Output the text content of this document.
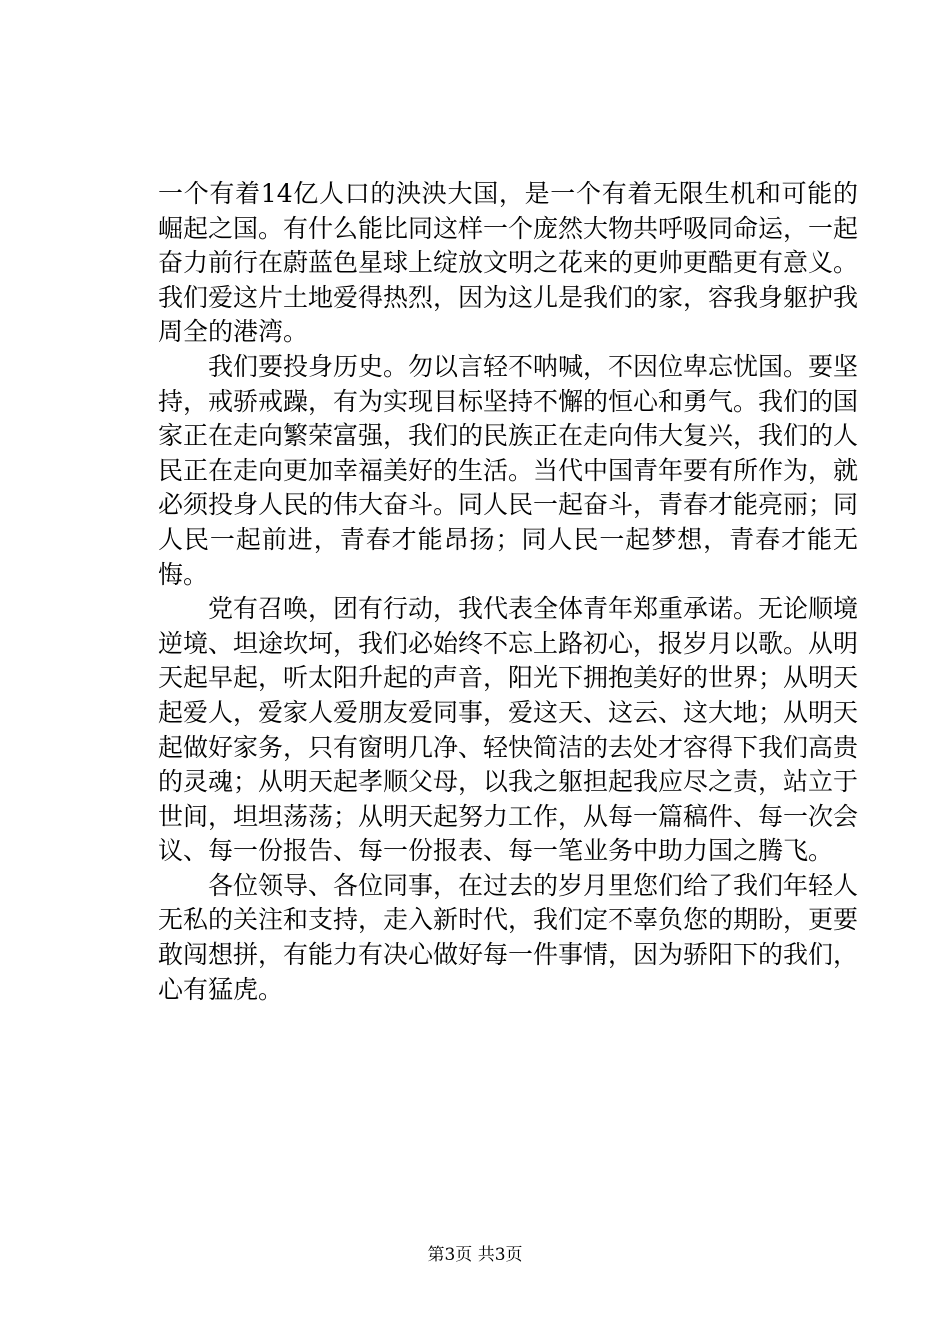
一个有着14亿人口的泱泱大国，是一个有着无限生机和可能的崛起之国。有什么能比同这样一个庞然大物共呼吸同命运，一起奋力前行在蔚蓝色星球上绽放文明之花来的更帅更酷更有意义。我们爱这片土地爱得热烈，因为这儿是我们的家，容我身躯护我周全的港湾。

我们要投身历史。勿以言轻不呐喊，不因位卑忘忧国。要坚持，戒骄戒躁，有为实现目标坚持不懈的恒心和勇气。我们的国家正在走向繁荣富强，我们的民族正在走向伟大复兴，我们的人民正在走向更加幸福美好的生活。当代中国青年要有所作为，就必须投身人民的伟大奋斗。同人民一起奋斗，青春才能亮丽；同人民一起前进，青春才能昂扬；同人民一起梦想，青春才能无悔。

党有召唤，团有行动，我代表全体青年郑重承诺。无论顺境逆境、坦途坎坷，我们必始终不忘上路初心，报岁月以歌。从明天起早起，听太阳升起的声音，阳光下拥抱美好的世界；从明天起爱人，爱家人爱朋友爱同事，爱这天、这云、这大地；从明天起做好家务，只有窗明几净、轻快简洁的去处才容得下我们高贵的灵魂；从明天起孝顺父母，以我之躯担起我应尽之责，站立于世间，坦坦荡荡；从明天起努力工作，从每一篇稿件、每一次会议、每一份报告、每一份报表、每一笔业务中助力国之腾飞。

各位领导、各位同事，在过去的岁月里您们给了我们年轻人无私的关注和支持，走入新时代，我们定不辜负您的期盼，更要敢闯想拼，有能力有决心做好每一件事情，因为骄阳下的我们，心有猛虎。

第3页 共3页
